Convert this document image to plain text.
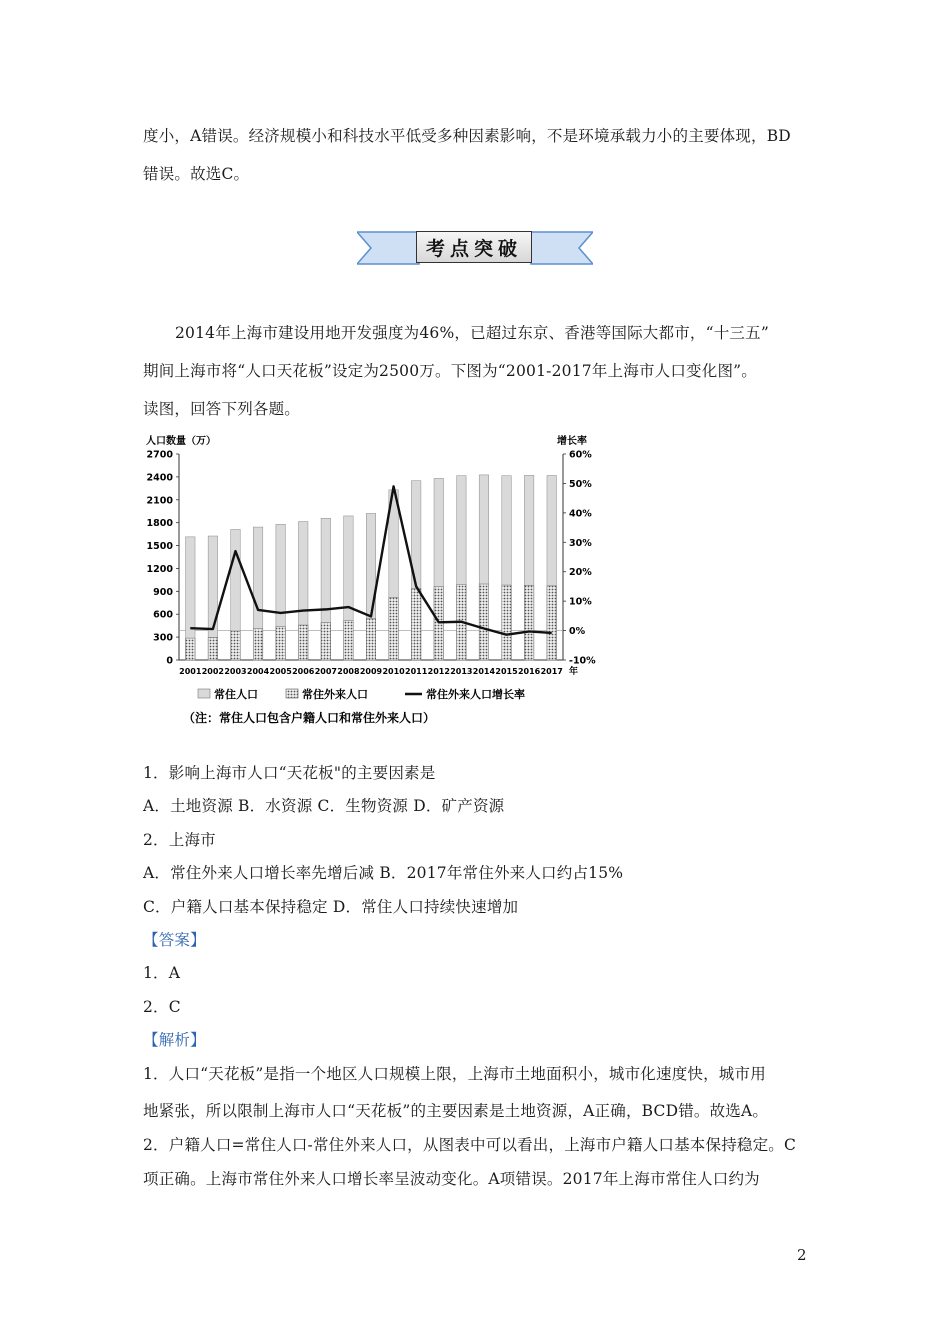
度小，A错误。经济规模小和科技水平低受多种因素影响，不是环境承载力小的主要体现，BD
错误。故选C。
考点突破
2014年上海市建设用地开发强度为46%，已超过东京、香港等国际大都市，“十三五”
期间上海市将“人口天花板”设定为2500万。下图为“2001-2017年上海市人口变化图”。
读图，回答下列各题。
人口数量（万）	增长率
0
300
600
900
1200
1500
1800
2100
2400
2700
-10%
0%
10%
20%
30%
40%
50%
60%
2001 2002 2003 2004 2005 2006 2007 2008 2009 2010 2011 2012 2013 2014 2015 2016 2017 年
常住人口	常住外来人口	常住外来人口增长率
（注：常住人口包含户籍人口和常住外来人口）
1．影响上海市人口“天花板"的主要因素是
A．土地资源 B．水资源 C．生物资源 D．矿产资源
2．上海市
A．常住外来人口增长率先增后减 B．2017年常住外来人口约占15%
C．户籍人口基本保持稳定 D．常住人口持续快速增加
【答案】
1．A
2．C
【解析】
1．人口“天花板”是指一个地区人口规模上限，上海市土地面积小，城市化速度快，城市用
地紧张，所以限制上海市人口“天花板”的主要因素是土地资源，A正确，BCD错。故选A。
2．户籍人口=常住人口-常住外来人口，从图表中可以看出，上海市户籍人口基本保持稳定。C
项正确。上海市常住外来人口增长率呈波动变化。A项错误。2017年上海市常住人口约为
2
